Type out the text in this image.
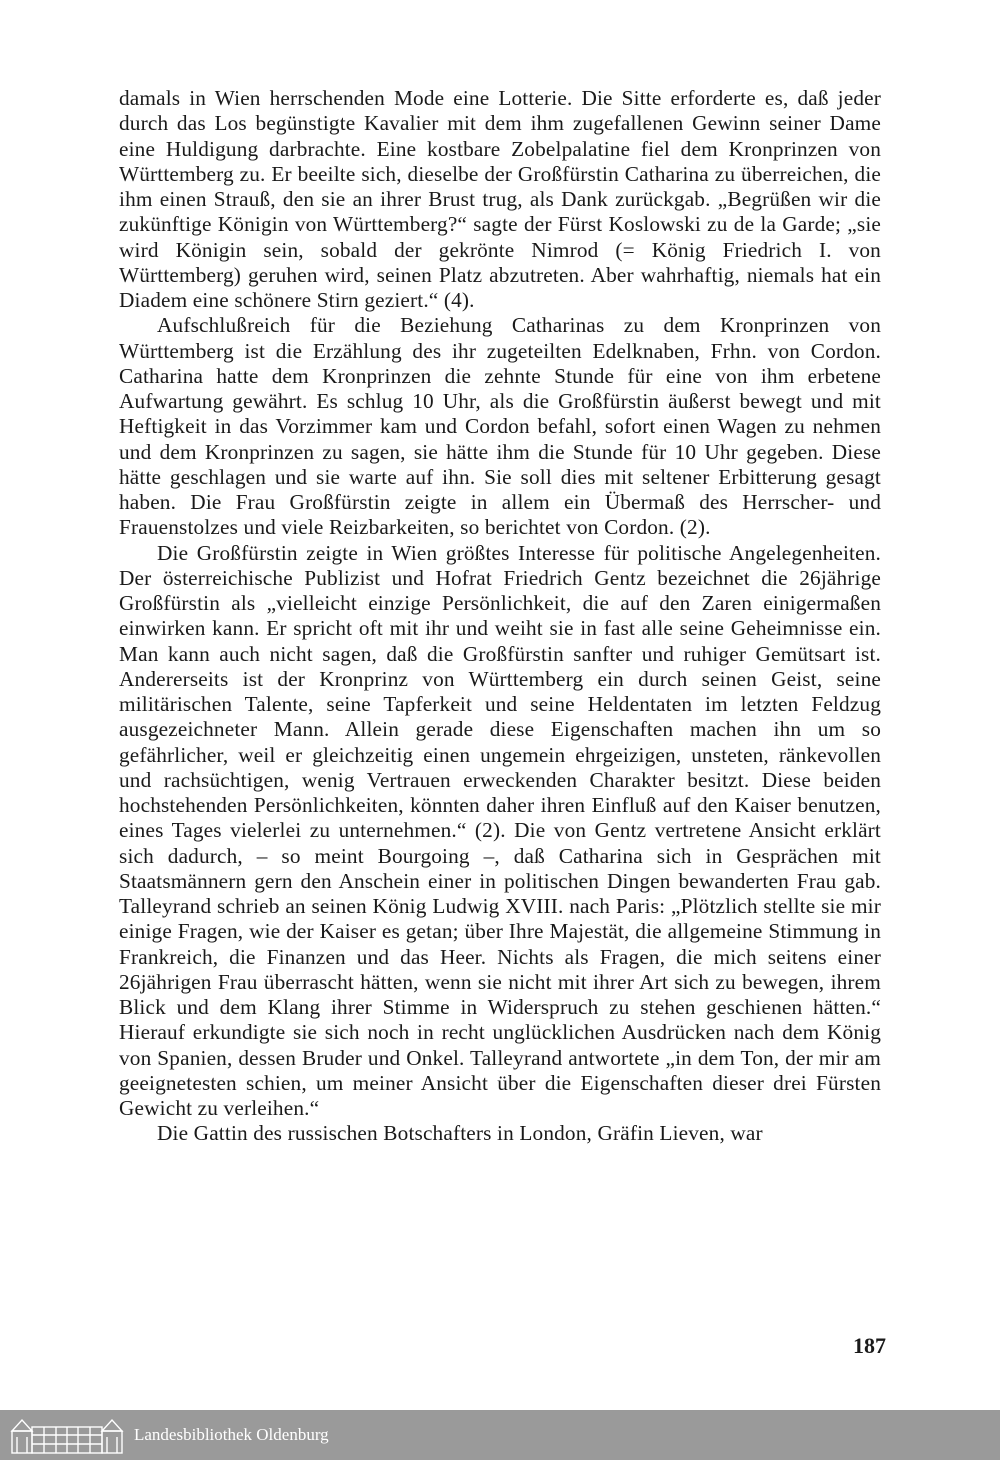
damals in Wien herrschenden Mode eine Lotterie. Die Sitte erforderte es, daß jeder durch das Los begünstigte Kavalier mit dem ihm zugefallenen Gewinn seiner Dame eine Huldigung darbrachte. Eine kostbare Zobelpalatine fiel dem Kronprinzen von Württemberg zu. Er beeilte sich, dieselbe der Großfürstin Catharina zu überreichen, die ihm einen Strauß, den sie an ihrer Brust trug, als Dank zurückgab. „Begrüßen wir die zukünftige Königin von Württemberg?“ sagte der Fürst Koslowski zu de la Garde; „sie wird Königin sein, sobald der gekrönte Nimrod (= König Friedrich I. von Württemberg) geruhen wird, seinen Platz abzutreten. Aber wahrhaftig, niemals hat ein Diadem eine schönere Stirn geziert.“ (4).

Aufschlußreich für die Beziehung Catharinas zu dem Kronprinzen von Württemberg ist die Erzählung des ihr zugeteilten Edelknaben, Frhn. von Cordon. Catharina hatte dem Kronprinzen die zehnte Stunde für eine von ihm erbetene Aufwartung gewährt. Es schlug 10 Uhr, als die Großfürstin äußerst bewegt und mit Heftigkeit in das Vorzimmer kam und Cordon befahl, sofort einen Wagen zu nehmen und dem Kronprinzen zu sagen, sie hätte ihm die Stunde für 10 Uhr gegeben. Diese hätte geschlagen und sie warte auf ihn. Sie soll dies mit seltener Erbitterung gesagt haben. Die Frau Großfürstin zeigte in allem ein Übermaß des Herrscher- und Frauenstolzes und viele Reizbarkeiten, so berichtet von Cordon. (2).

Die Großfürstin zeigte in Wien größtes Interesse für politische Angelegenheiten. Der österreichische Publizist und Hofrat Friedrich Gentz bezeichnet die 26jährige Großfürstin als „vielleicht einzige Persönlichkeit, die auf den Zaren einigermaßen einwirken kann. Er spricht oft mit ihr und weiht sie in fast alle seine Geheimnisse ein. Man kann auch nicht sagen, daß die Großfürstin sanfter und ruhiger Gemütsart ist. Andererseits ist der Kronprinz von Württemberg ein durch seinen Geist, seine militärischen Talente, seine Tapferkeit und seine Heldentaten im letzten Feldzug ausgezeichneter Mann. Allein gerade diese Eigenschaften machen ihn um so gefährlicher, weil er gleichzeitig einen ungemein ehrgeizigen, unsteten, ränkevollen und rachsüchtigen, wenig Vertrauen erweckenden Charakter besitzt. Diese beiden hochstehenden Persönlichkeiten, könnten daher ihren Einfluß auf den Kaiser benutzen, eines Tages vielerlei zu unternehmen.“ (2). Die von Gentz vertretene Ansicht erklärt sich dadurch, – so meint Bourgoing –, daß Catharina sich in Gesprächen mit Staatsmännern gern den Anschein einer in politischen Dingen bewanderten Frau gab. Talleyrand schrieb an seinen König Ludwig XVIII. nach Paris: „Plötzlich stellte sie mir einige Fragen, wie der Kaiser es getan; über Ihre Majestät, die allgemeine Stimmung in Frankreich, die Finanzen und das Heer. Nichts als Fragen, die mich seitens einer 26jährigen Frau überrascht hätten, wenn sie nicht mit ihrer Art sich zu bewegen, ihrem Blick und dem Klang ihrer Stimme in Widerspruch zu stehen geschienen hätten.“ Hierauf erkundigte sie sich noch in recht unglücklichen Ausdrücken nach dem König von Spanien, dessen Bruder und Onkel. Talleyrand antwortete „in dem Ton, der mir am geeignetesten schien, um meiner Ansicht über die Eigenschaften dieser drei Fürsten Gewicht zu verleihen.“

Die Gattin des russischen Botschafters in London, Gräfin Lieven, war

187
Landesbibliothek Oldenburg
